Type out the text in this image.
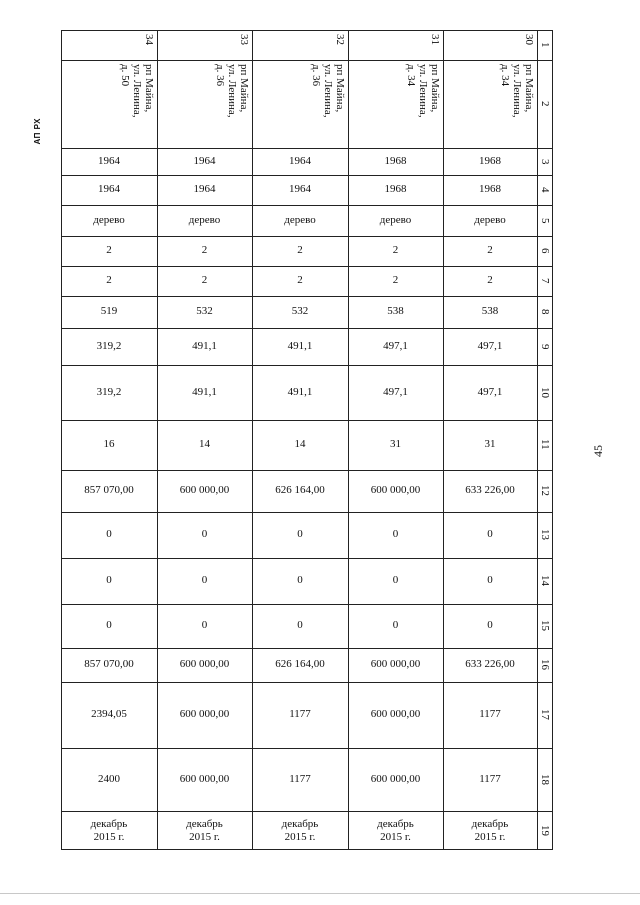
АП РХ
45
30
рп Майна,
ул. Ленина,
д. 34
1968
1968
дерево
2
2
538
497,1
497,1
31
633 226,00
0
0
0
633 226,00
1177
1177
декабрь
2015 г.
31
рп Майна,
ул. Ленина,
д. 34
1968
1968
дерево
2
2
538
497,1
497,1
31
600 000,00
0
0
0
600 000,00
600 000,00
600 000,00
декабрь
2015 г.
32
рп Майна,
ул. Ленина,
д. 36
1964
1964
дерево
2
2
532
491,1
491,1
14
626 164,00
0
0
0
626 164,00
1177
1177
декабрь
2015 г.
33
рп Майна,
ул. Ленина,
д. 36
1964
1964
дерево
2
2
532
491,1
491,1
14
600 000,00
0
0
0
600 000,00
600 000,00
600 000,00
декабрь
2015 г.
34
рп Майна,
ул. Ленина,
д. 50
1964
1964
дерево
2
2
519
319,2
319,2
16
857 070,00
0
0
0
857 070,00
2394,05
2400
декабрь
2015 г.
1
2
3
4
5
6
7
8
9
10
11
12
13
14
15
16
17
18
19
